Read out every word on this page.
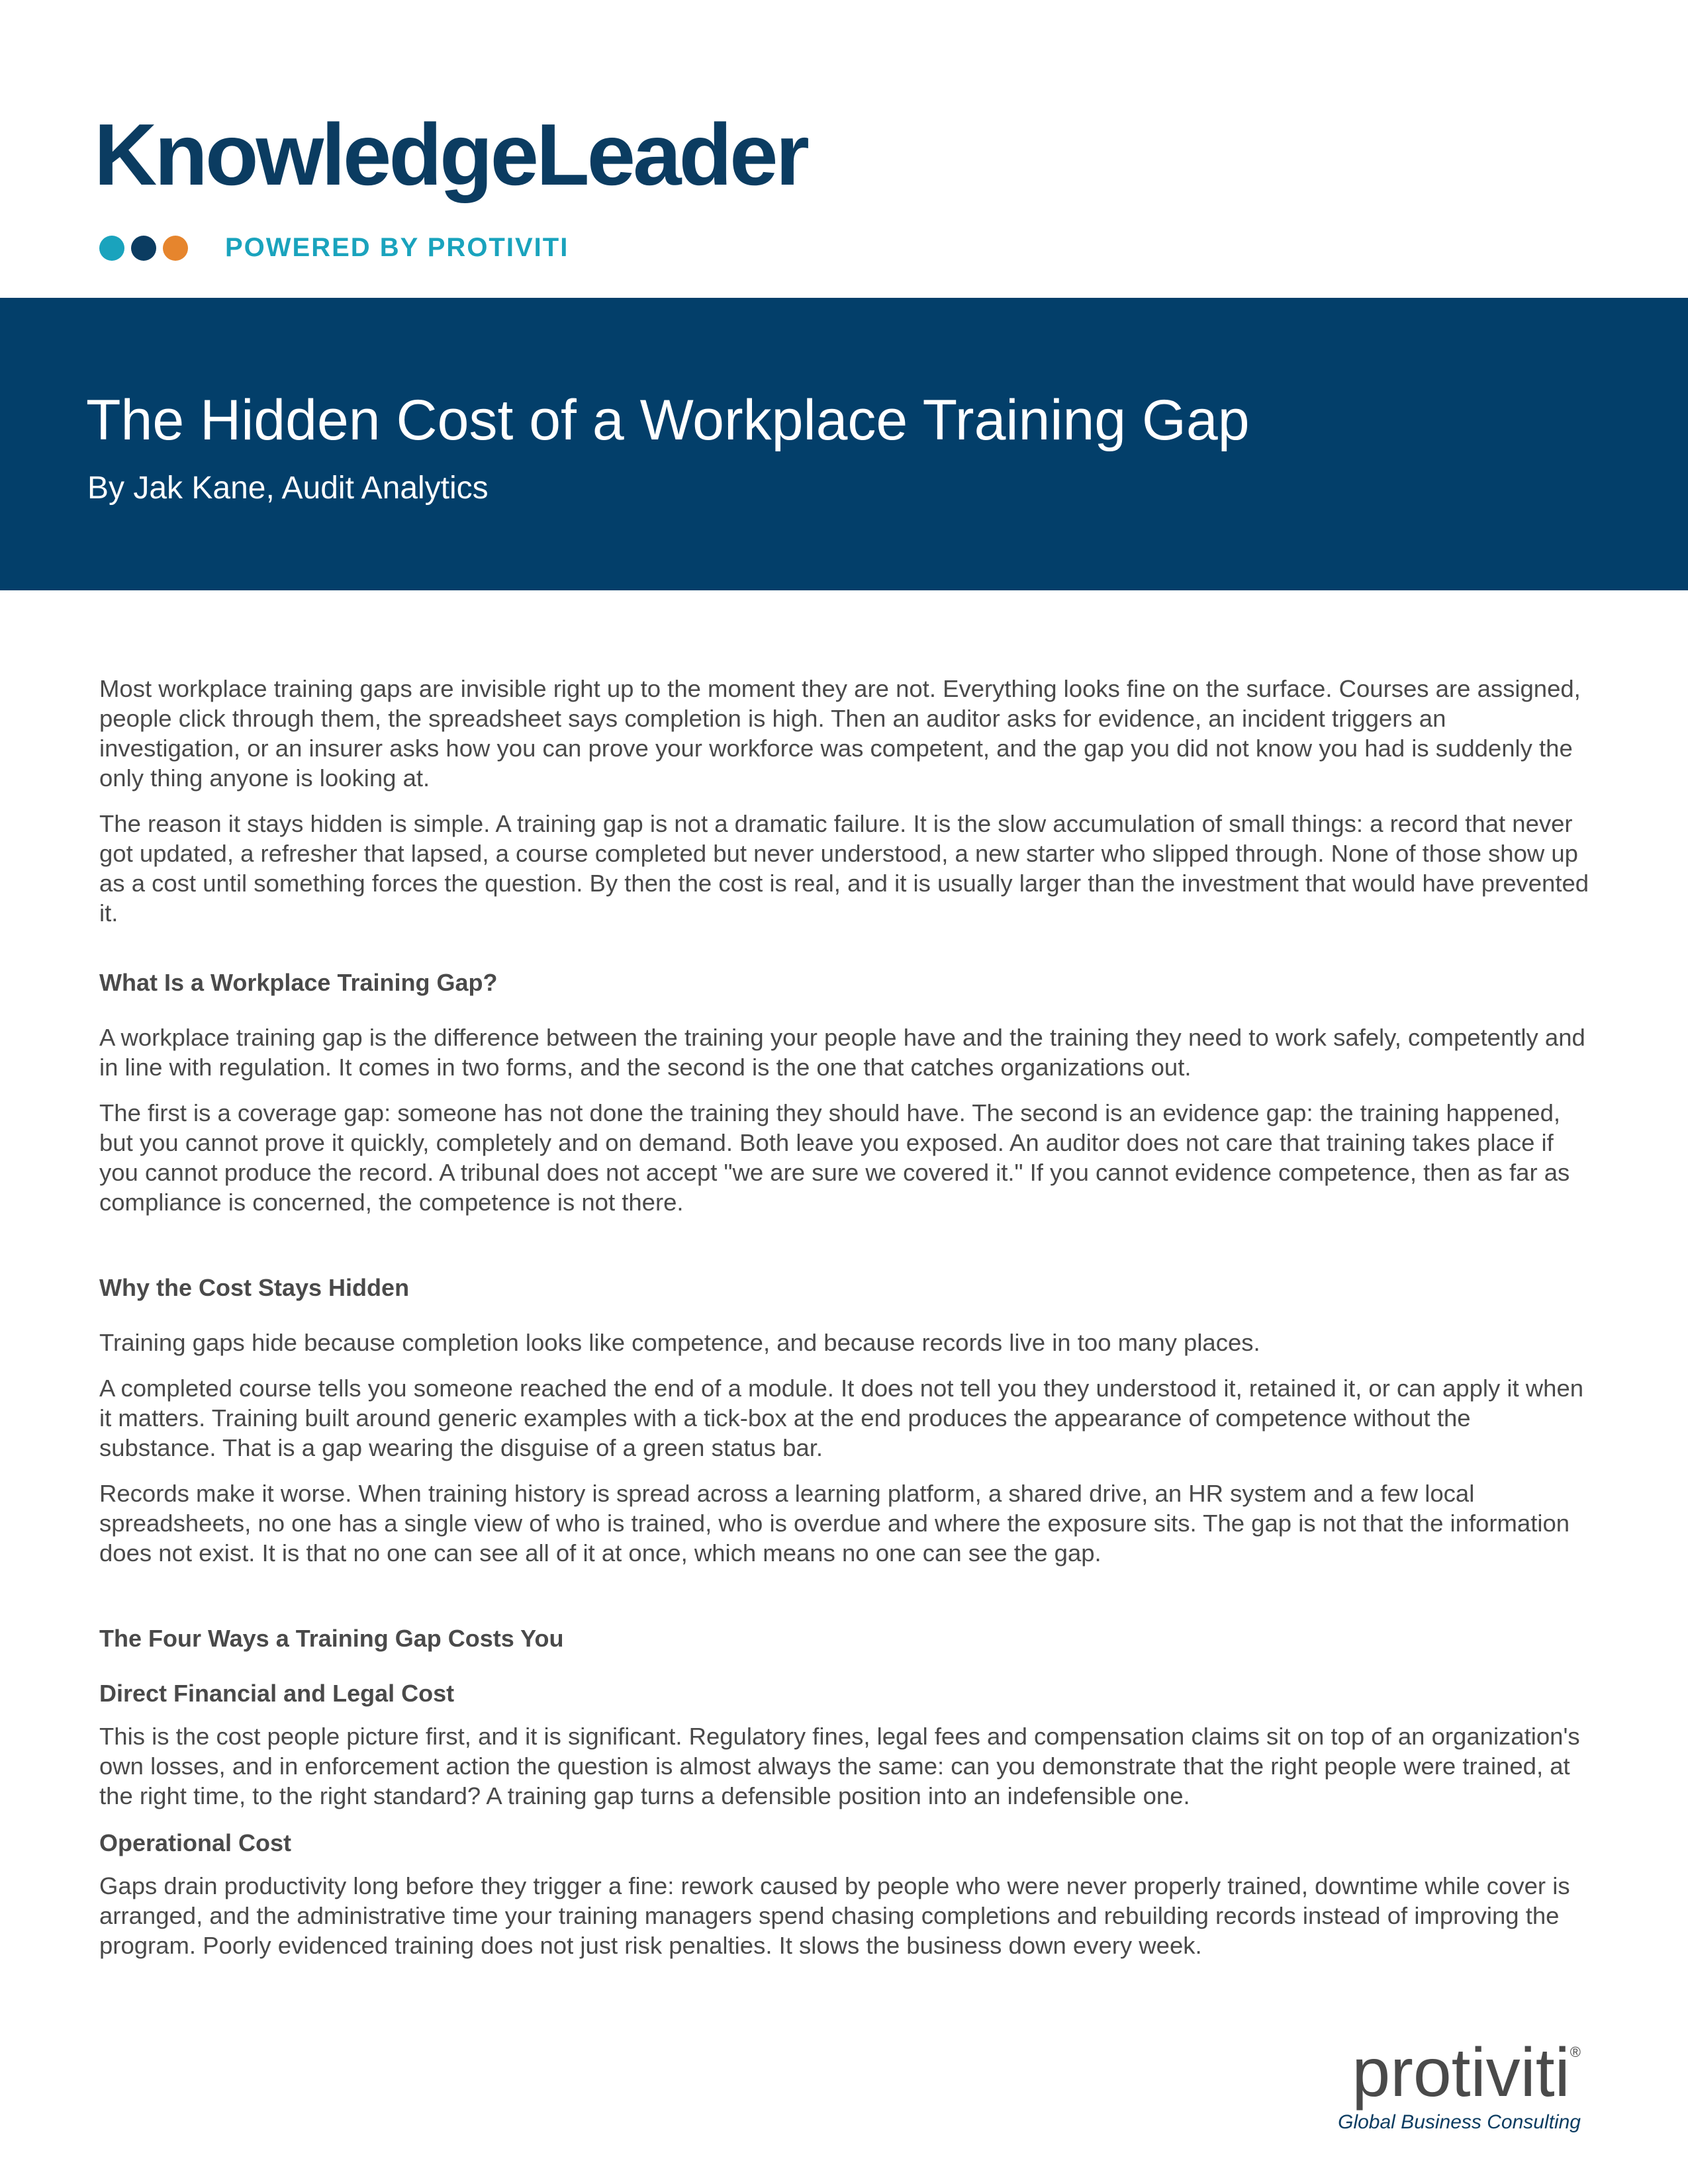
KnowledgeLeader
POWERED BY PROTIVITI
The Hidden Cost of a Workplace Training Gap
By Jak Kane, Audit Analytics

Most workplace training gaps are invisible right up to the moment they are not. Everything looks fine on the surface. Courses are assigned, people click through them, the spreadsheet says completion is high. Then an auditor asks for evidence, an incident triggers an investigation, or an insurer asks how you can prove your workforce was competent, and the gap you did not know you had is suddenly the only thing anyone is looking at.

The reason it stays hidden is simple. A training gap is not a dramatic failure. It is the slow accumulation of small things: a record that never got updated, a refresher that lapsed, a course completed but never understood, a new starter who slipped through. None of those show up as a cost until something forces the question. By then the cost is real, and it is usually larger than the investment that would have prevented it.

What Is a Workplace Training Gap?

A workplace training gap is the difference between the training your people have and the training they need to work safely, competently and in line with regulation. It comes in two forms, and the second is the one that catches organizations out.

The first is a coverage gap: someone has not done the training they should have. The second is an evidence gap: the training happened, but you cannot prove it quickly, completely and on demand. Both leave you exposed. An auditor does not care that training takes place if you cannot produce the record. A tribunal does not accept "we are sure we covered it." If you cannot evidence competence, then as far as compliance is concerned, the competence is not there.

Why the Cost Stays Hidden

Training gaps hide because completion looks like competence, and because records live in too many places.

A completed course tells you someone reached the end of a module. It does not tell you they understood it, retained it, or can apply it when it matters. Training built around generic examples with a tick-box at the end produces the appearance of competence without the substance. That is a gap wearing the disguise of a green status bar.

Records make it worse. When training history is spread across a learning platform, a shared drive, an HR system and a few local spreadsheets, no one has a single view of who is trained, who is overdue and where the exposure sits. The gap is not that the information does not exist. It is that no one can see all of it at once, which means no one can see the gap.

The Four Ways a Training Gap Costs You
Direct Financial and Legal Cost

This is the cost people picture first, and it is significant. Regulatory fines, legal fees and compensation claims sit on top of an organization's own losses, and in enforcement action the question is almost always the same: can you demonstrate that the right people were trained, at the right time, to the right standard? A training gap turns a defensible position into an indefensible one.

Operational Cost

Gaps drain productivity long before they trigger a fine: rework caused by people who were never properly trained, downtime while cover is arranged, and the administrative time your training managers spend chasing completions and rebuilding records instead of improving the program. Poorly evidenced training does not just risk penalties. It slows the business down every week.

protiviti®
Global Business Consulting
